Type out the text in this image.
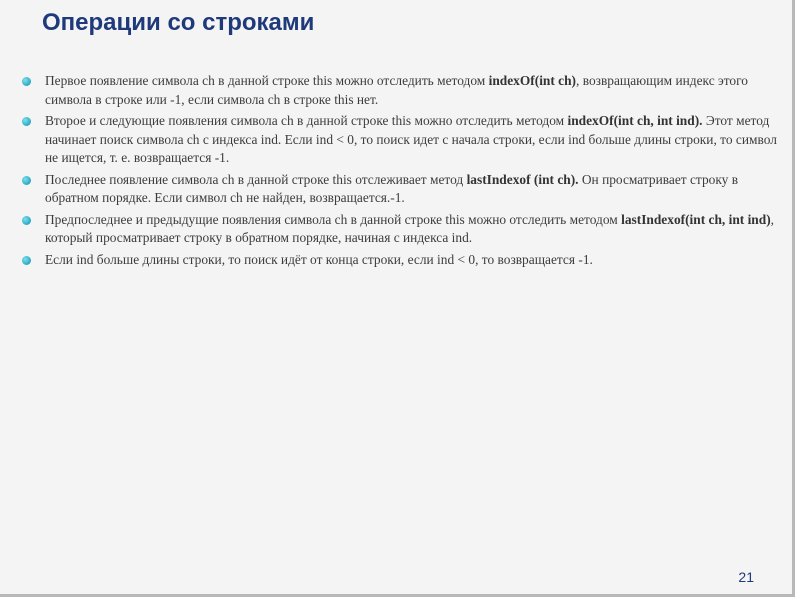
Операции со строками
Первое появление символа ch в данной строке this можно отследить методом indexOf(int ch), возвращающим индекс этого символа в строке или -1, если символа ch в строке this нет.
Второе и следующие появления символа ch в данной строке this можно отследить методом indexOf(int ch, int ind). Этот метод начинает поиск символа ch с индекса ind. Если ind < 0, то поиск идет с начала строки, если ind больше длины строки, то символ не ищется, т. е. возвращается -1.
Последнее появление символа ch в данной строке this отслеживает метод lastIndexof (int ch). Он просматривает строку в обратном порядке. Если символ ch не найден, возвращается.-1.
Предпоследнее и предыдущие появления символа ch в данной строке this можно отследить методом lastIndexof(int ch, int ind), который просматривает строку в обратном порядке, начиная с индекса ind.
Если ind больше длины строки, то поиск идёт от конца строки, если ind < 0, то возвращается -1.
21
